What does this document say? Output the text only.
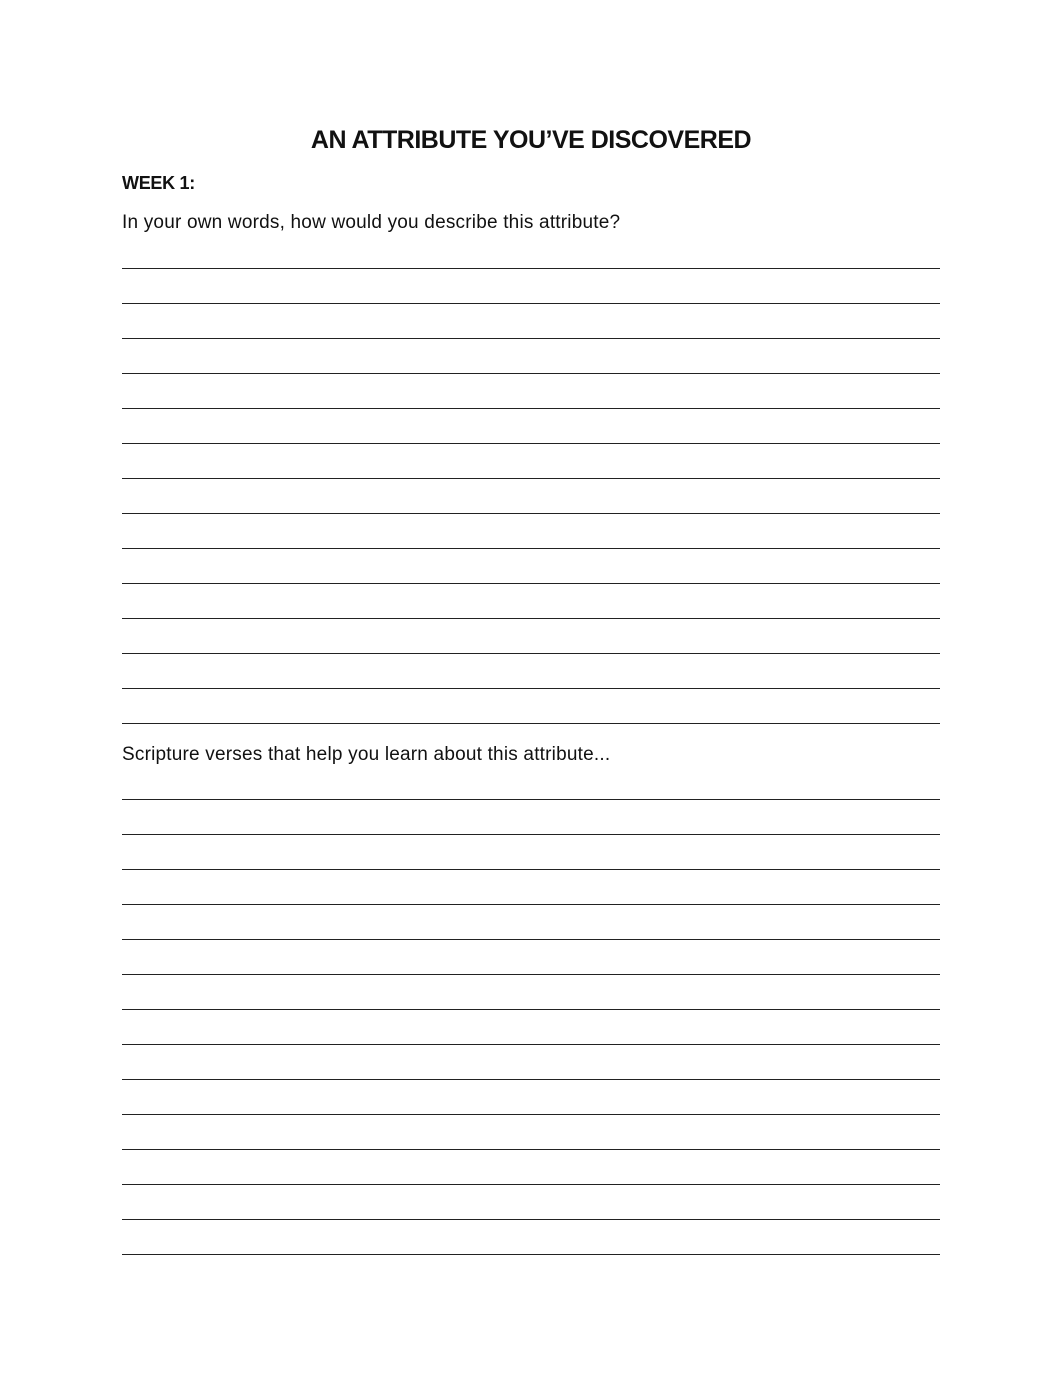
AN ATTRIBUTE YOU’VE DISCOVERED
WEEK 1:
In your own words, how would you describe this attribute?
Scripture verses that help you learn about this attribute...
